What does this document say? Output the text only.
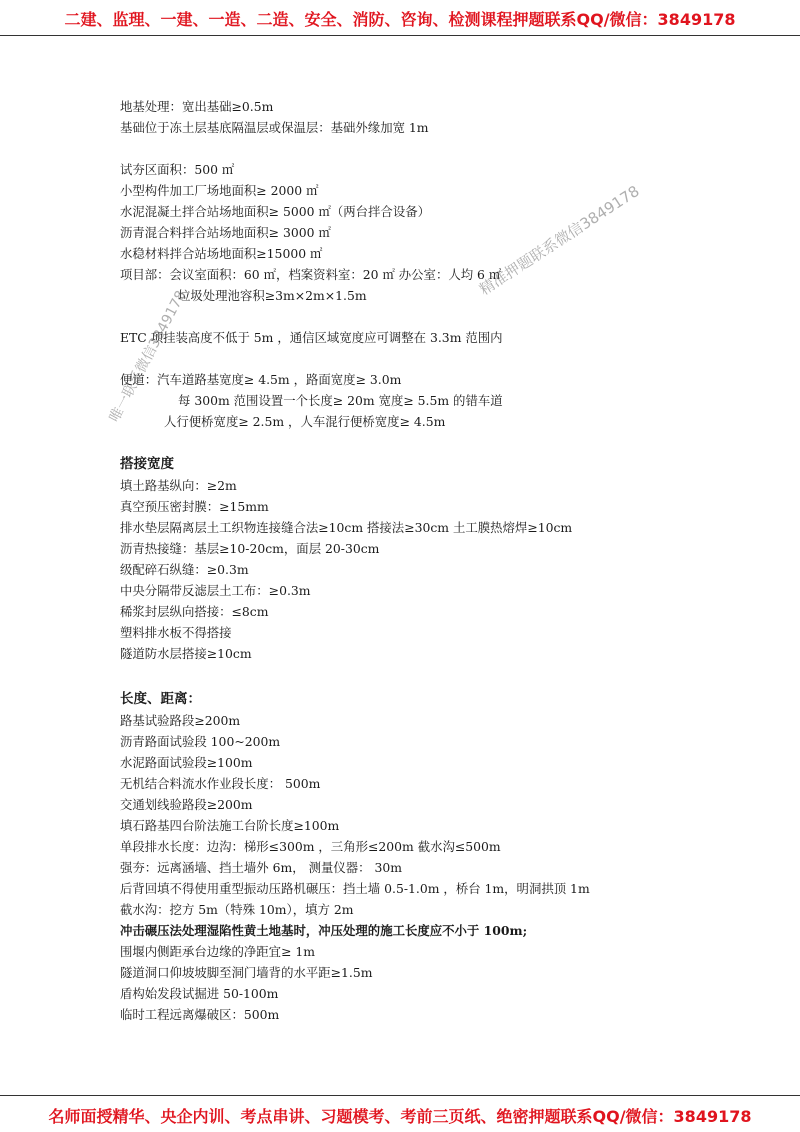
二建、监理、一建、一造、二造、安全、消防、咨询、检测课程押题联系QQ/微信：3849178
地基处理：宽出基础≥0.5m
基础位于冻土层基底隔温层或保温层：基础外缘加宽 1m
试夯区面积：500 ㎡
小型构件加工厂场地面积≥ 2000 ㎡
水泥混凝土拌合站场地面积≥ 5000 ㎡（两台拌合设备）
沥青混合料拌合站场地面积≥ 3000 ㎡
水稳材料拌合站场地面积≥15000 ㎡
项目部：会议室面积：60 ㎡，档案资料室：20 ㎡ 办公室：人均 6 ㎡
垃圾处理池容积≥3m×2m×1.5m
ETC 项挂装高度不低于 5m ，通信区域宽度应可调整在 3.3m 范围内
便道：汽车道路基宽度≥ 4.5m ，路面宽度≥ 3.0m
每 300m 范围设置一个长度≥ 20m 宽度≥ 5.5m 的错车道
人行便桥宽度≥ 2.5m ，人车混行便桥宽度≥ 4.5m
搭接宽度
填土路基纵向：≥2m
真空预压密封膜：≥15mm
排水垫层隔离层土工织物连接缝合法≥10cm 搭接法≥30cm 土工膜热熔焊≥10cm
沥青热接缝：基层≥10-20cm，面层 20-30cm
级配碎石纵缝：≥0.3m
中央分隔带反滤层土工布：≥0.3m
稀浆封层纵向搭接：≤8cm
塑料排水板不得搭接
隧道防水层搭接≥10cm
长度、距离：
路基试验路段≥200m
沥青路面试验段 100~200m
水泥路面试验段≥100m
无机结合料流水作业段长度： 500m
交通划线验路段≥200m
填石路基四台阶法施工台阶长度≥100m
单段排水长度：边沟：梯形≤300m ，三角形≤200m 截水沟≤500m
强夯：远离涵墙、挡土墙外 6m， 测量仪器： 30m
后背回填不得使用重型振动压路机碾压：挡土墙 0.5-1.0m ，桥台 1m，明洞拱顶 1m
截水沟：挖方 5m（特殊 10m），填方 2m
冲击碾压法处理湿陷性黄土地基时，冲压处理的施工长度应不小于 100m;
围堰内侧距承台边缘的净距宜≥ 1m
隧道洞口仰坡坡脚至洞门墙背的水平距≥1.5m
盾构始发段试掘进 50-100m
临时工程远离爆破区：500m
精准押题联系微信3849178
唯一联系微信3849178
名师面授精华、央企内训、考点串讲、习题模考、考前三页纸、绝密押题联系QQ/微信：3849178
